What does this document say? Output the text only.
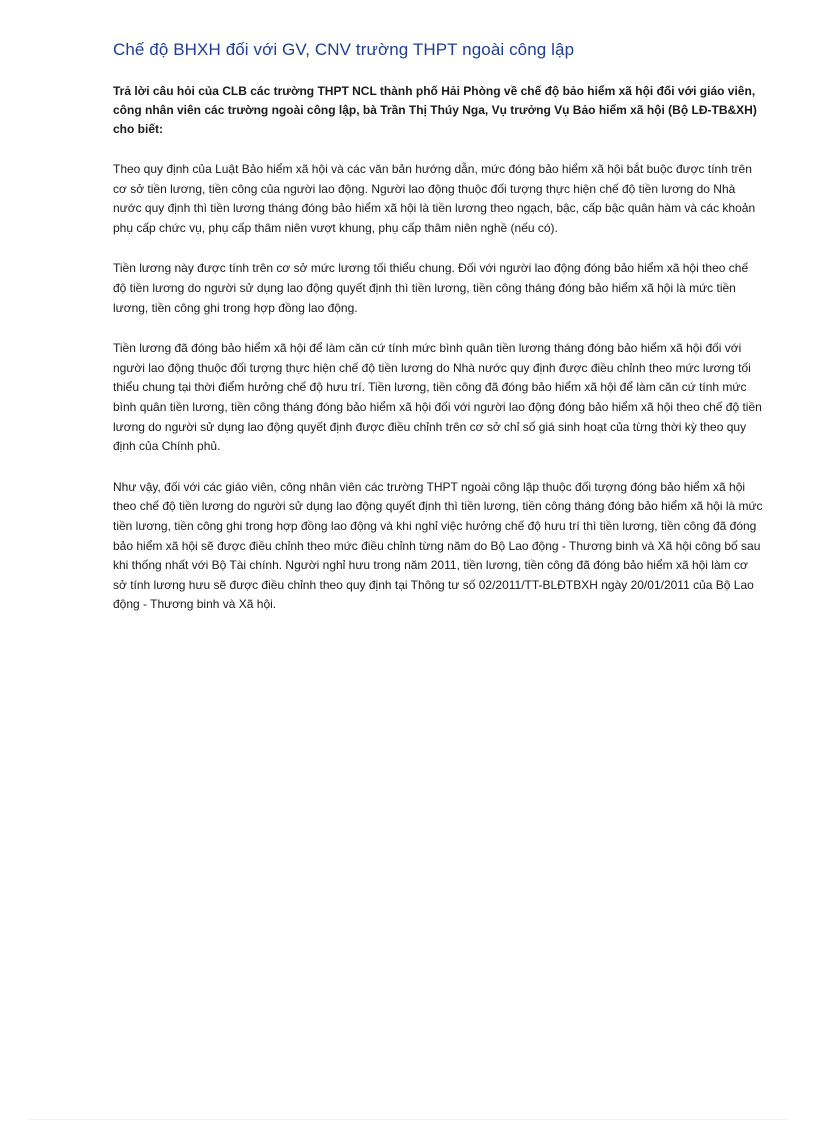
Chế độ BHXH đối với GV, CNV trường THPT ngoài công lập

Trả lời câu hỏi của CLB các trường THPT NCL thành phố Hải Phòng về chế độ bảo hiểm xã hội đối với giáo viên, công nhân viên các trường ngoài công lập, bà Trần Thị Thúy Nga, Vụ trưởng Vụ Bảo hiểm xã hội (Bộ LĐ-TB&XH) cho biết:

Theo quy định của Luật Bảo hiểm xã hội và các văn bản hướng dẫn, mức đóng bảo hiểm xã hội bắt buộc được tính trên cơ sở tiền lương, tiền công của người lao động. Người lao động thuộc đối tượng thực hiện chế độ tiền lương do Nhà nước quy định thì tiền lương tháng đóng bảo hiểm xã hội là tiền lương theo ngạch, bậc, cấp bậc quân hàm và các khoản phụ cấp chức vụ, phụ cấp thâm niên vượt khung, phụ cấp thâm niên nghề (nếu có).

Tiền lương này được tính trên cơ sở mức lương tối thiểu chung. Đối với người lao động đóng bảo hiểm xã hội theo chế độ tiền lương do người sử dụng lao động quyết định thì tiền lương, tiền công tháng đóng bảo hiểm xã hội là mức tiền lương, tiền công ghi trong hợp đồng lao động.

Tiền lương đã đóng bảo hiểm xã hội để làm căn cứ tính mức bình quân tiền lương tháng đóng bảo hiểm xã hội đối với người lao động thuộc đối tượng thực hiện chế độ tiền lương do Nhà nước quy định được điều chỉnh theo mức lương tối thiểu chung tại thời điểm hưởng chế độ hưu trí. Tiền lương, tiền công đã đóng bảo hiểm xã hội để làm căn cứ tính mức bình quân tiền lương, tiền công tháng đóng bảo hiểm xã hội đối với người lao động đóng bảo hiểm xã hội theo chế độ tiền lương do người sử dụng lao động quyết định được điều chỉnh trên cơ sở chỉ số giá sinh hoạt của từng thời kỳ theo quy định của Chính phủ.

Như vậy, đối với các giáo viên, công nhân viên các trường THPT ngoài công lập thuộc đối tượng đóng bảo hiểm xã hội theo chế độ tiền lương do người sử dụng lao động quyết định thì tiền lương, tiền công tháng đóng bảo hiểm xã hội là mức tiền lương, tiền công ghi trong hợp đồng lao động và khi nghỉ việc hưởng chế độ hưu trí thì tiền lương, tiền công đã đóng bảo hiểm xã hội sẽ được điều chỉnh theo mức điều chỉnh từng năm do Bộ Lao động - Thương binh và Xã hội công bố sau khi thống nhất với Bộ Tài chính. Người nghỉ hưu trong năm 2011, tiền lương, tiền công đã đóng bảo hiểm xã hội làm cơ sở tính lương hưu sẽ được điều chỉnh theo quy định tại Thông tư số 02/2011/TT-BLĐTBXH ngày 20/01/2011 của Bộ Lao động - Thương binh và Xã hội.
